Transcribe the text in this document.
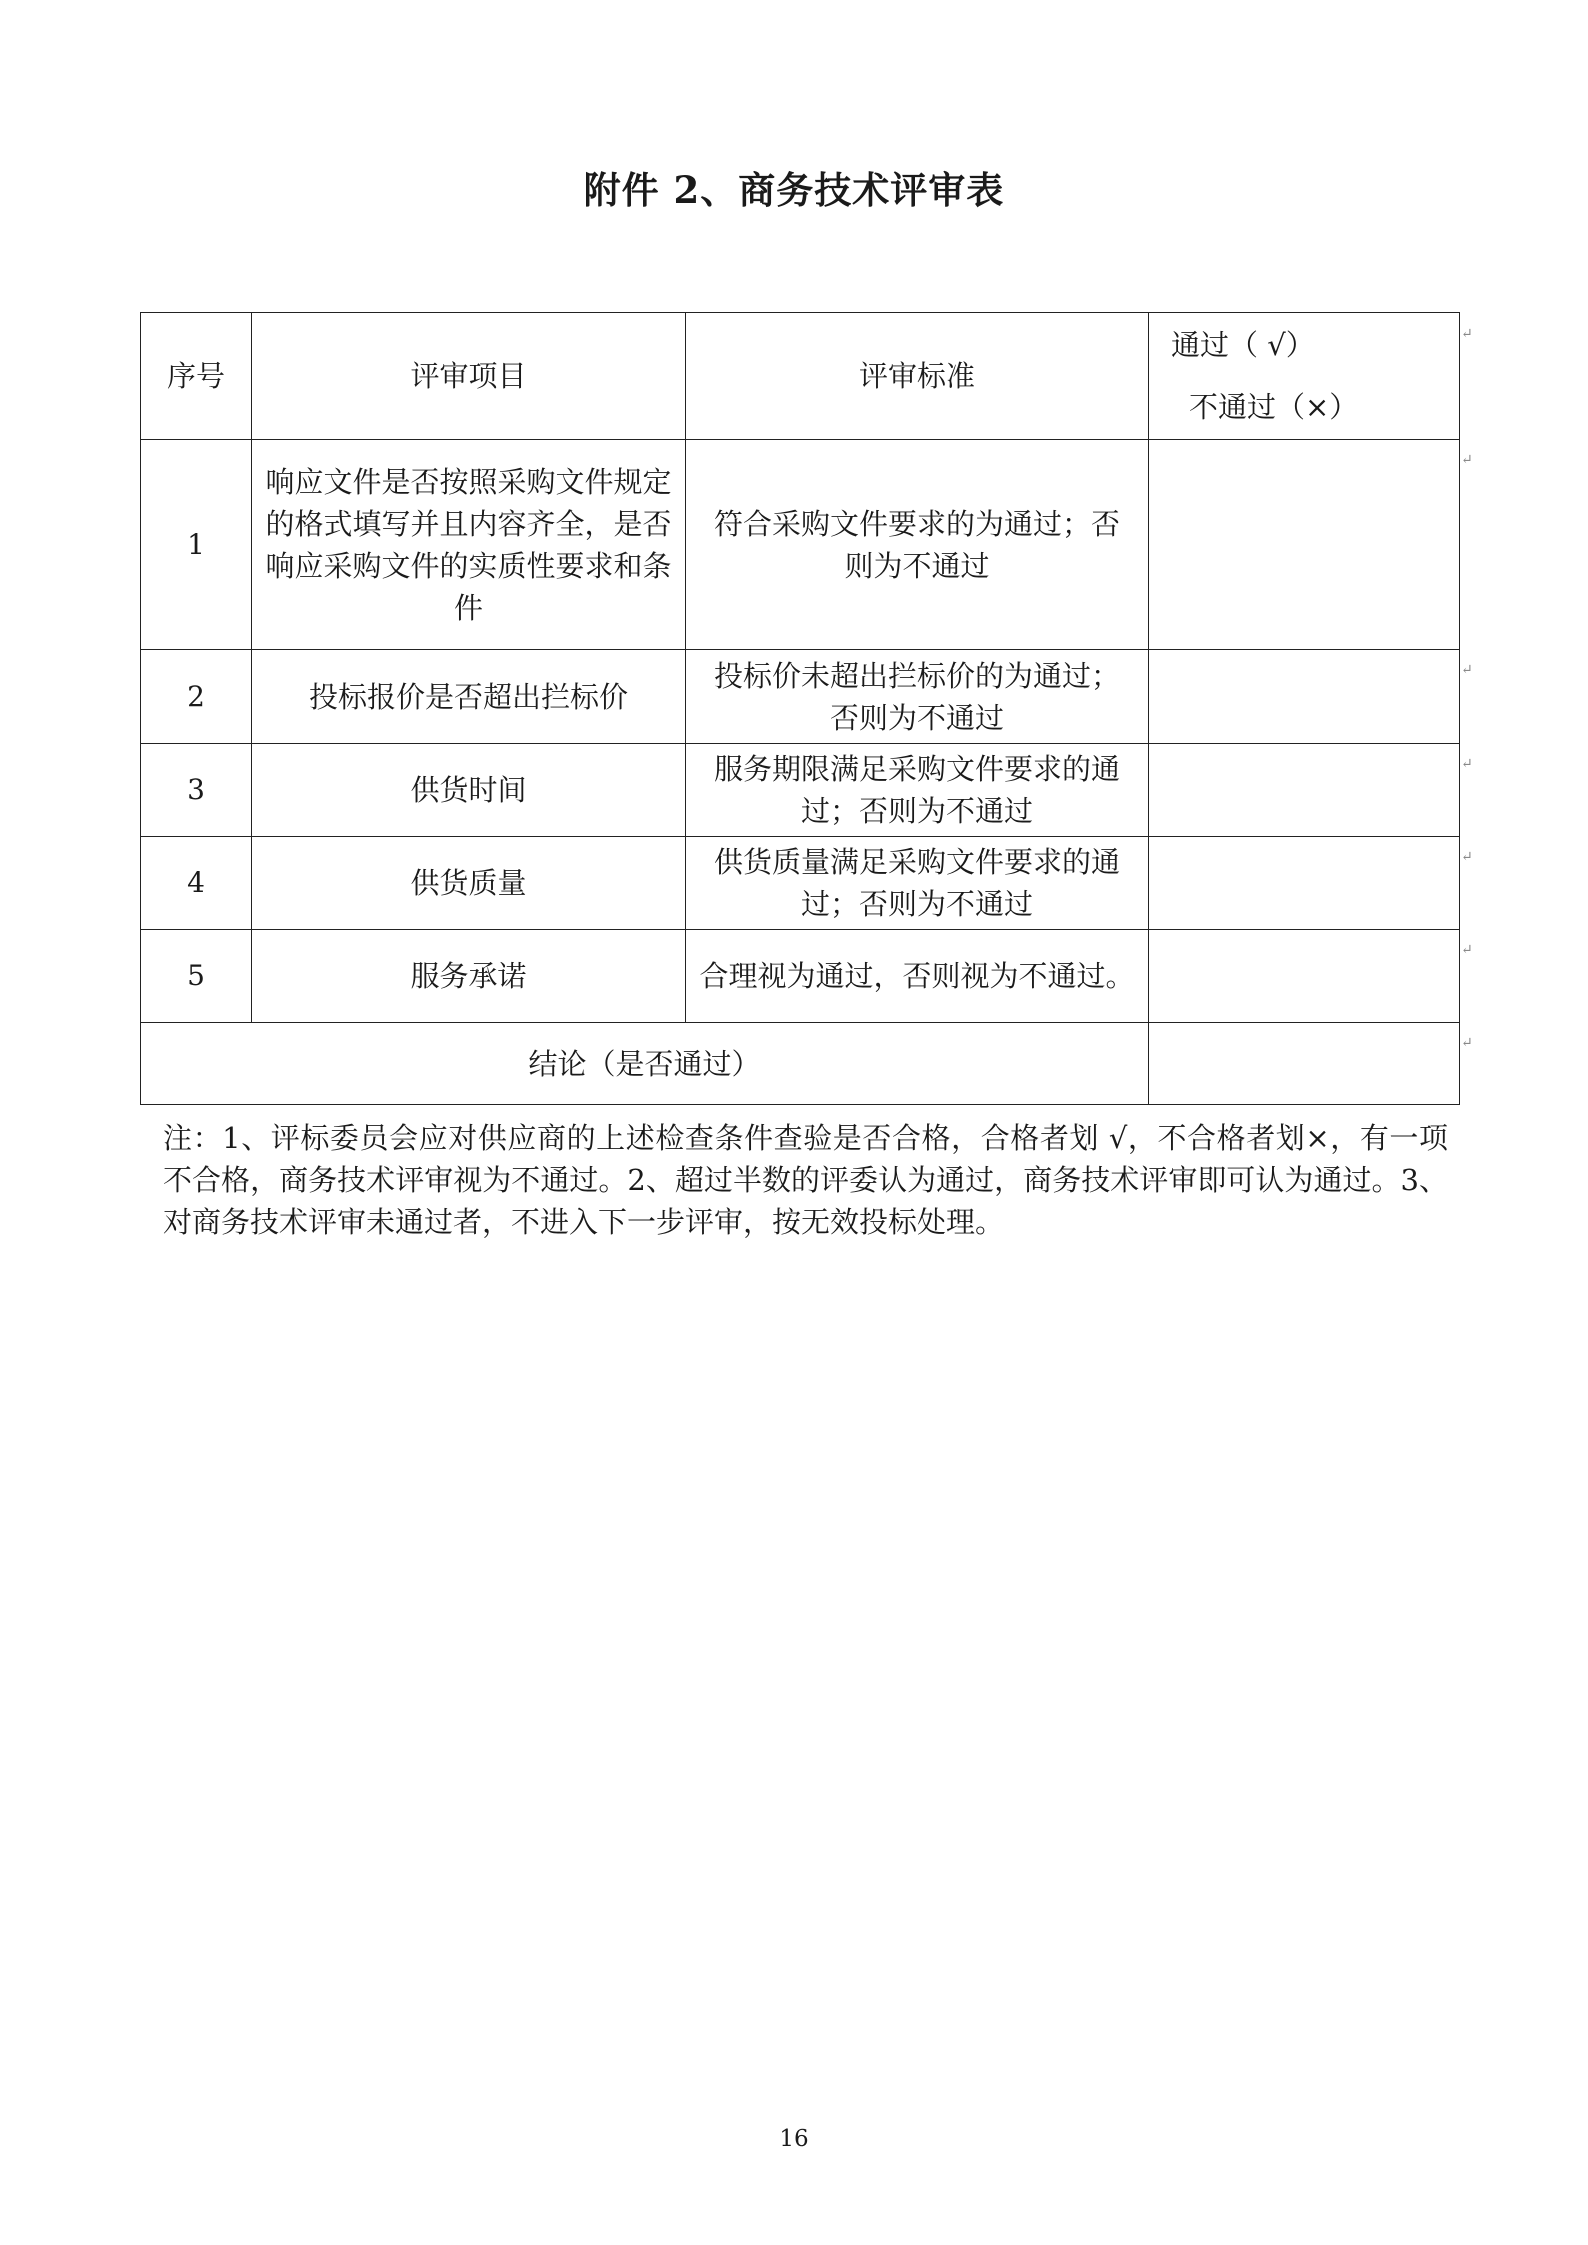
附件 2、商务技术评审表
序号	评审项目	评审标准	通过（ √）
不通过（×）

1	响应文件是否按照采购文件规定的格式填写并且内容齐全，是否响应采购文件的实质性要求和条件	符合采购文件要求的为通过；否则为不通过	
2	投标报价是否超出拦标价	投标价未超出拦标价的为通过；否则为不通过	
3	供货时间	服务期限满足采购文件要求的通过；否则为不通过	
4	供货质量	供货质量满足采购文件要求的通过；否则为不通过	
5	服务承诺	合理视为通过，否则视为不通过。	
结论（是否通过）			
↵
↵
↵
↵
↵
↵
↵

注：1、评标委员会应对供应商的上述检查条件查验是否合格，合格者划 √，不合格者划×，有一项不合格，商务技术评审视为不通过。2、超过半数的评委认为通过，商务技术评审即可认为通过。3、对商务技术评审未通过者，不进入下一步评审，按无效投标处理。

16
